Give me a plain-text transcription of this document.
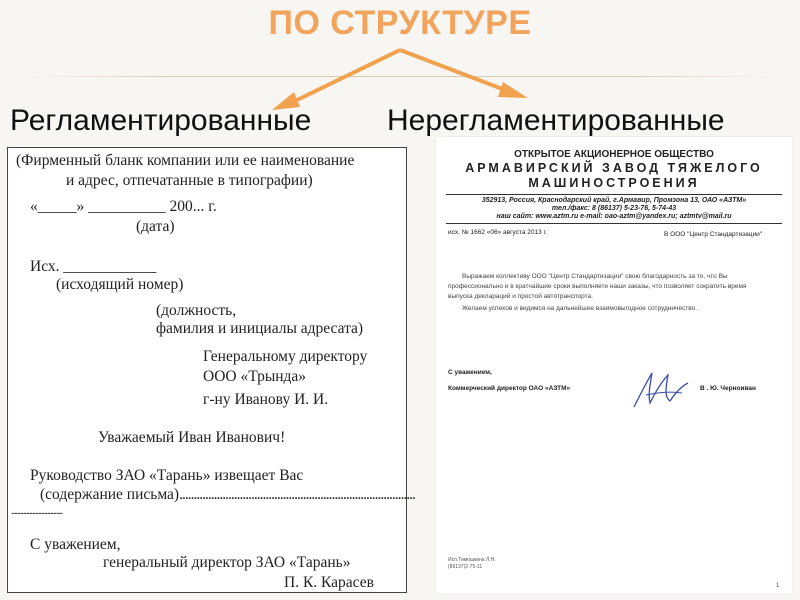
ПО СТРУКТУРЕ
Регламентированные	Нерегламентированные
(Фирменный бланк компании или ее наименование
и адрес, отпечатанные в типографии)
«_____» __________ 200... г.
(дата)
Исх. ____________
(исходящий номер)
(должность,
фамилия и инициалы адресата)
Генеральному директору
ООО «Трында»
г-ну Иванову И. И.
Уважаемый Иван Иванович!
Руководство ЗАО «Тарань» извещает Вас
(содержание письма)..................................................................................
..................................
С уважением,
генеральный директор ЗАО «Тарань»
П. К. Карасев
ОТКРЫТОЕ АКЦИОНЕРНОЕ ОБЩЕСТВО
АРМАВИРСКИЙ ЗАВОД ТЯЖЕЛОГО
МАШИНОСТРОЕНИЯ
352913, Россия, Краснодарский край, г.Армавир, Промзона 13, ОАО «АЗТМ»
тел./факс: 8 (86137) 5-23-76, 5-74-43
наш сайт: www.aztm.ru e-mail: oao-aztm@yandex.ru; aztmtv@mail.ru
исх. № 1662 «06» августа 2013 г.	В ООО "Центр Стандартизации"
Выражаем коллективу ООО "Центр Стандартизации" свою благодарность за то, что Вы
профессионально и в кратчайшие сроки выполняете наши заказы, что позволяет сократить время
выпуска деклараций и простой автотранспорта.
Желаем успехов и видимся на дальнейшее взаимовыгодное сотрудничество .
С уважением,
Коммерческий директор ОАО «АЗТМ»	В . Ю. Черноиван
Исп.Тимошкина Л.Н.
(86137)2-75-11
1
